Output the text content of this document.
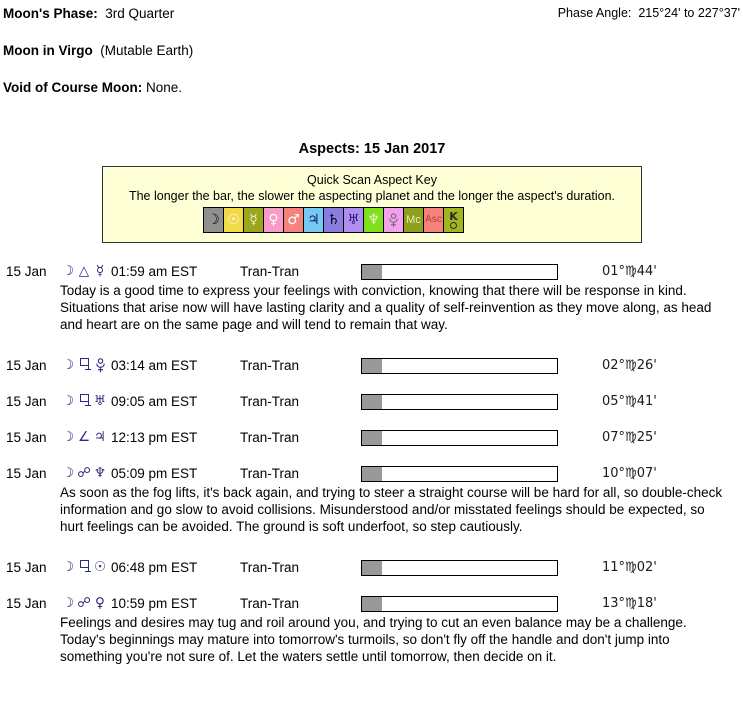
Moon's Phase: 3rd Quarter	Phase Angle: 215°24' to 227°37'
Moon in Virgo (Mutable Earth)
Void of Course Moon: None.
Aspects: 15 Jan 2017
Quick Scan Aspect Key
The longer the bar, the slower the aspecting planet and the longer the aspect's duration.
☽ ☉ ☿ ♀ ♂ ♃ ♄ ♅ ♆ Mc Asc K
15 Jan	☽ △ ☿ 01:59 am EST	Tran-Tran	01°♍44'
Today is a good time to express your feelings with conviction, knowing that there will be response in kind. Situations that arise now will have lasting clarity and a quality of self-reinvention as they move along, as head and heart are on the same page and will tend to remain that way.
15 Jan	☽	03:14 am EST	Tran-Tran	02°♍26'
15 Jan	☽ ♅ 09:05 am EST	Tran-Tran	05°♍41'
15 Jan	☽ ∠ ♃ 12:13 pm EST	Tran-Tran	07°♍25'
15 Jan	☽ ☍ ♆ 05:09 pm EST	Tran-Tran	10°♍07'
As soon as the fog lifts, it's back again, and trying to steer a straight course will be hard for all, so double-check information and go slow to avoid collisions. Misunderstood and/or misstated feelings should be expected, so hurt feelings can be avoided. The ground is soft underfoot, so step cautiously.
15 Jan	☽ ☉ 06:48 pm EST	Tran-Tran	11°♍02'
15 Jan	☽ ☍ ♀ 10:59 pm EST	Tran-Tran	13°♍18'
Feelings and desires may tug and roil around you, and trying to cut an even balance may be a challenge. Today's beginnings may mature into tomorrow's turmoils, so don't fly off the handle and don't jump into something you're not sure of. Let the waters settle until tomorrow, then decide on it.
